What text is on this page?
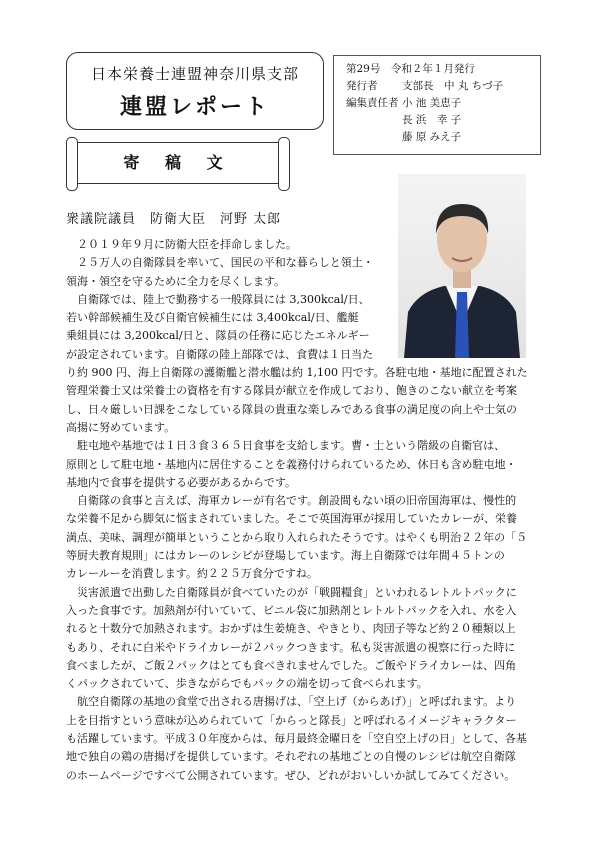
日本栄養士連盟神奈川県支部
連盟レポート
第29号　令和２年１月発行
発行者	支部長　中 丸 ちづ子
編集責任者 小 池 美恵子
長 浜　幸 子
藤 原 みえ子
寄 稿 文
衆議院議員　防衛大臣　河野 太郎
２０１９年９月に防衛大臣を拝命しました。
２５万人の自衛隊員を率いて、国民の平和な暮らしと領土・
領海・領空を守るために全力を尽くします。
自衛隊では、陸上で勤務する一般隊員には 3,300kcal/日、
若い幹部候補生及び自衛官候補生には 3,400kcal/日、艦艇
乗組員には 3,200kcal/日と、隊員の任務に応じたエネルギー
が設定されています。自衛隊の陸上部隊では、食費は１日当た
り約 900 円、海上自衛隊の護衛艦と潜水艦は約 1,100 円です。各駐屯地・基地に配置された
管理栄養士又は栄養士の資格を有する隊員が献立を作成しており、飽きのこない献立を考案
し、日々厳しい日課をこなしている隊員の貴重な楽しみである食事の満足度の向上や士気の
高揚に努めています。
駐屯地や基地では１日３食３６５日食事を支給します。曹・士という階級の自衛官は、
原則として駐屯地・基地内に居住することを義務付けられているため、休日も含め駐屯地・
基地内で食事を提供する必要があるからです。
自衛隊の食事と言えば、海軍カレーが有名です。創設間もない頃の旧帝国海軍は、慢性的
な栄養不足から脚気に悩まされていました。そこで英国海軍が採用していたカレーが、栄養
満点、美味、調理が簡単ということから取り入れられたそうです。はやくも明治２２年の「５
等厨夫教育規則」にはカレーのレシピが登場しています。海上自衛隊では年間４５トンの
カレールーを消費します。約２２５万食分ですね。
災害派遣で出動した自衛隊員が食べていたのが「戦闘糧食」といわれるレトルトパックに
入った食事です。加熱剤が付いていて、ビニル袋に加熱剤とレトルトパックを入れ、水を入
れると十数分で加熱されます。おかずは生姜焼き、やきとり、肉団子等など約２０種類以上
もあり、それに白米やドライカレーが２パックつきます。私も災害派遣の視察に行った時に
食べましたが、ご飯２パックはとても食べきれませんでした。ご飯やドライカレーは、四角
くパックされていて、歩きながらでもパックの端を切って食べられます。
航空自衛隊の基地の食堂で出される唐揚げは、「空上げ（からあげ）」と呼ばれます。より
上を目指すという意味が込められていて「からっと隊長」と呼ばれるイメージキャラクター
も活躍しています。平成３０年度からは、毎月最終金曜日を「空自空上げの日」として、各基
地で独自の鶏の唐揚げを提供しています。それぞれの基地ごとの自慢のレシピは航空自衛隊
のホームページですべて公開されています。ぜひ、どれがおいしいか試してみてください。
